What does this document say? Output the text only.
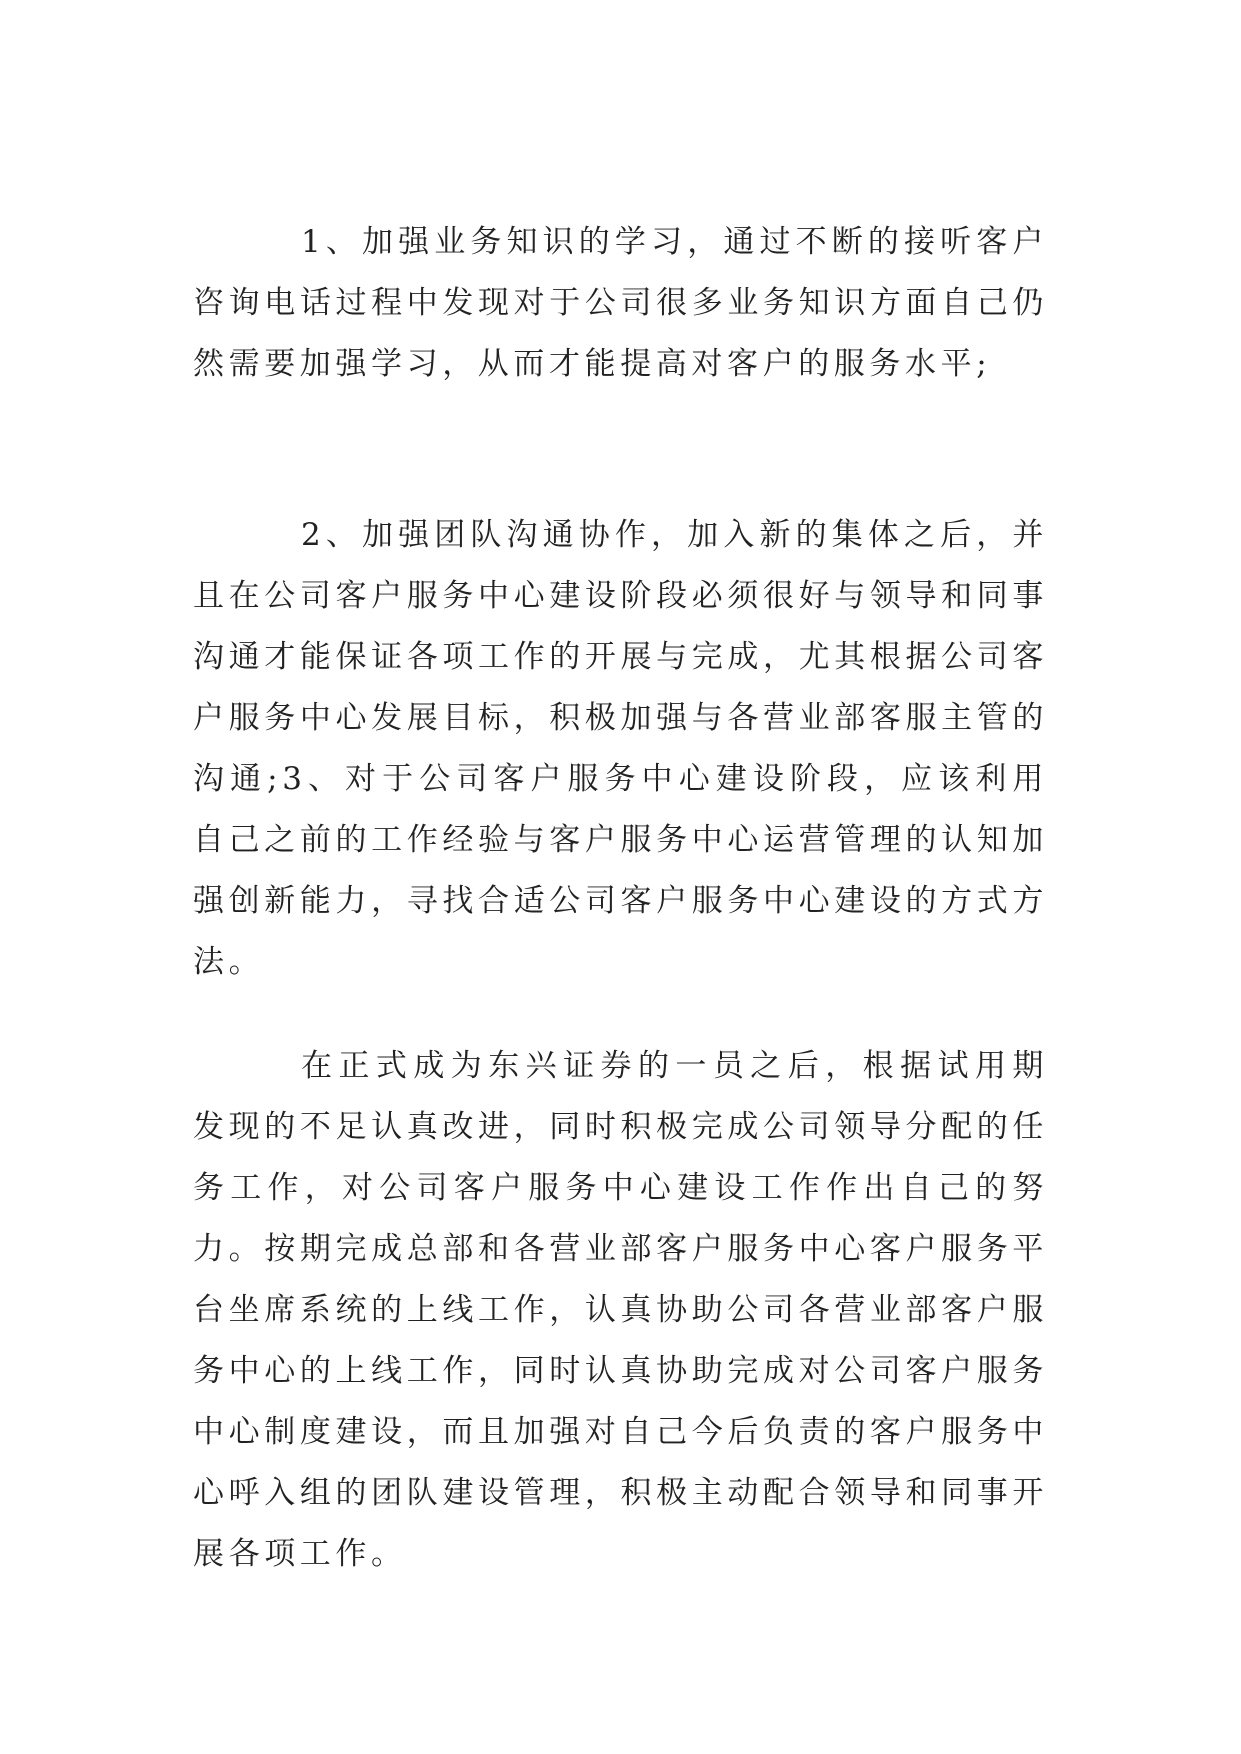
1、加强业务知识的学习，通过不断的接听客户咨询电话过程中发现对于公司很多业务知识方面自己仍然需要加强学习，从而才能提高对客户的服务水平;

2、加强团队沟通协作，加入新的集体之后，并且在公司客户服务中心建设阶段必须很好与领导和同事沟通才能保证各项工作的开展与完成，尤其根据公司客户服务中心发展目标，积极加强与各营业部客服主管的沟通;3、对于公司客户服务中心建设阶段，应该利用自己之前的工作经验与客户服务中心运营管理的认知加强创新能力，寻找合适公司客户服务中心建设的方式方法。

在正式成为东兴证券的一员之后，根据试用期发现的不足认真改进，同时积极完成公司领导分配的任务工作，对公司客户服务中心建设工作作出自己的努力。按期完成总部和各营业部客户服务中心客户服务平台坐席系统的上线工作，认真协助公司各营业部客户服务中心的上线工作，同时认真协助完成对公司客户服务中心制度建设，而且加强对自己今后负责的客户服务中心呼入组的团队建设管理，积极主动配合领导和同事开展各项工作。
